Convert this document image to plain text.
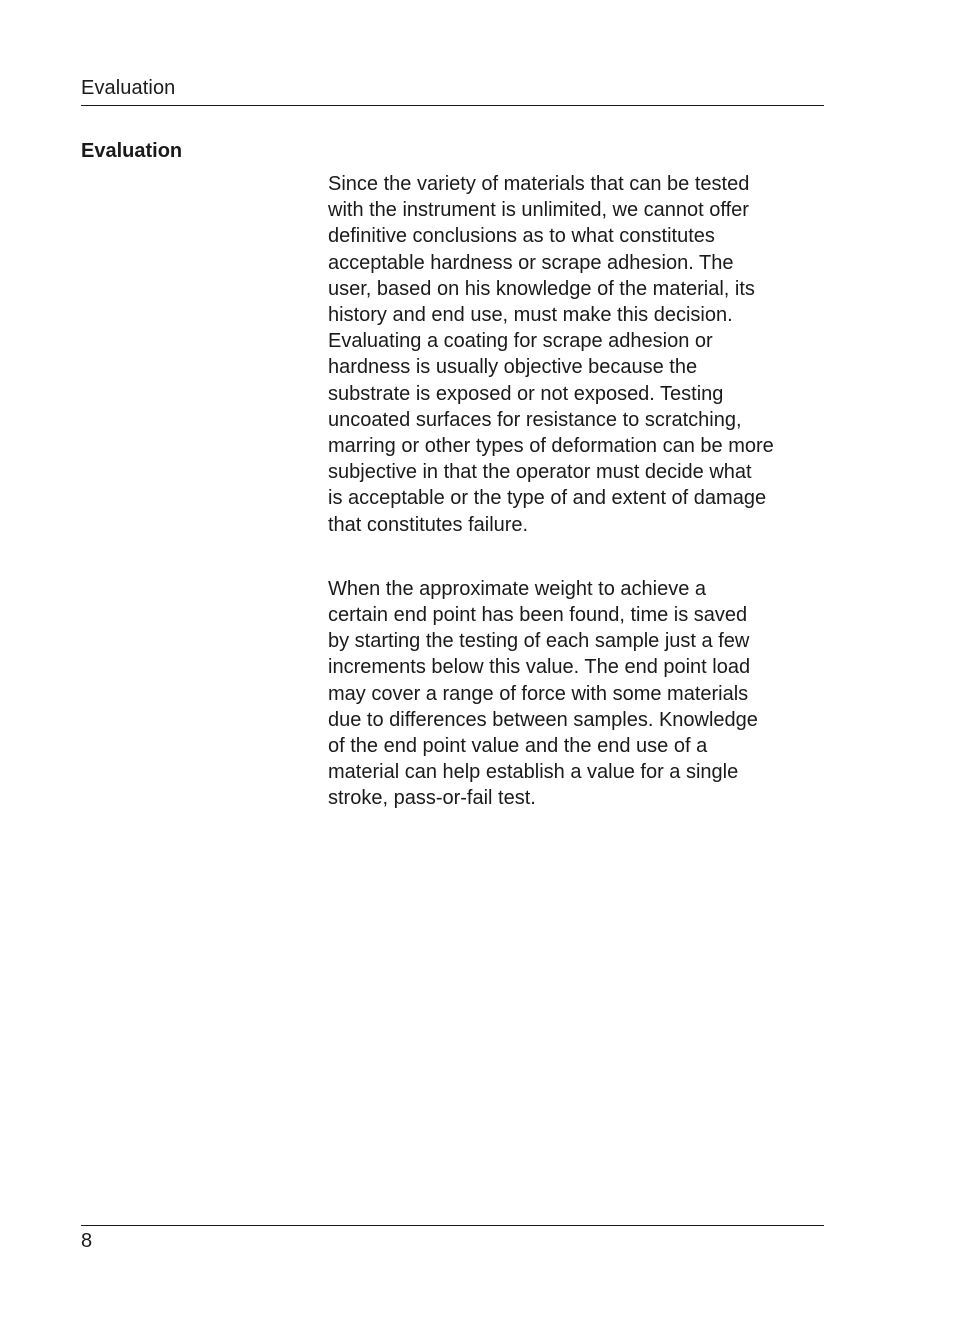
Evaluation
Evaluation

Since the variety of materials that can be tested
with the instrument is unlimited, we cannot offer
definitive conclusions as to what constitutes
acceptable hardness or scrape adhesion. The
user, based on his knowledge of the material, its
history and end use, must make this decision.
Evaluating a coating for scrape adhesion or
hardness is usually objective because the
substrate is exposed or not exposed. Testing
uncoated surfaces for resistance to scratching,
marring or other types of deformation can be more
subjective in that the operator must decide what
is acceptable or the type of and extent of damage
that constitutes failure.

When the approximate weight to achieve a
certain end point has been found, time is saved
by starting the testing of each sample just a few
increments below this value. The end point load
may cover a range of force with some materials
due to differences between samples. Knowledge
of the end point value and the end use of a
material can help establish a value for a single
stroke, pass-or-fail test.

8
